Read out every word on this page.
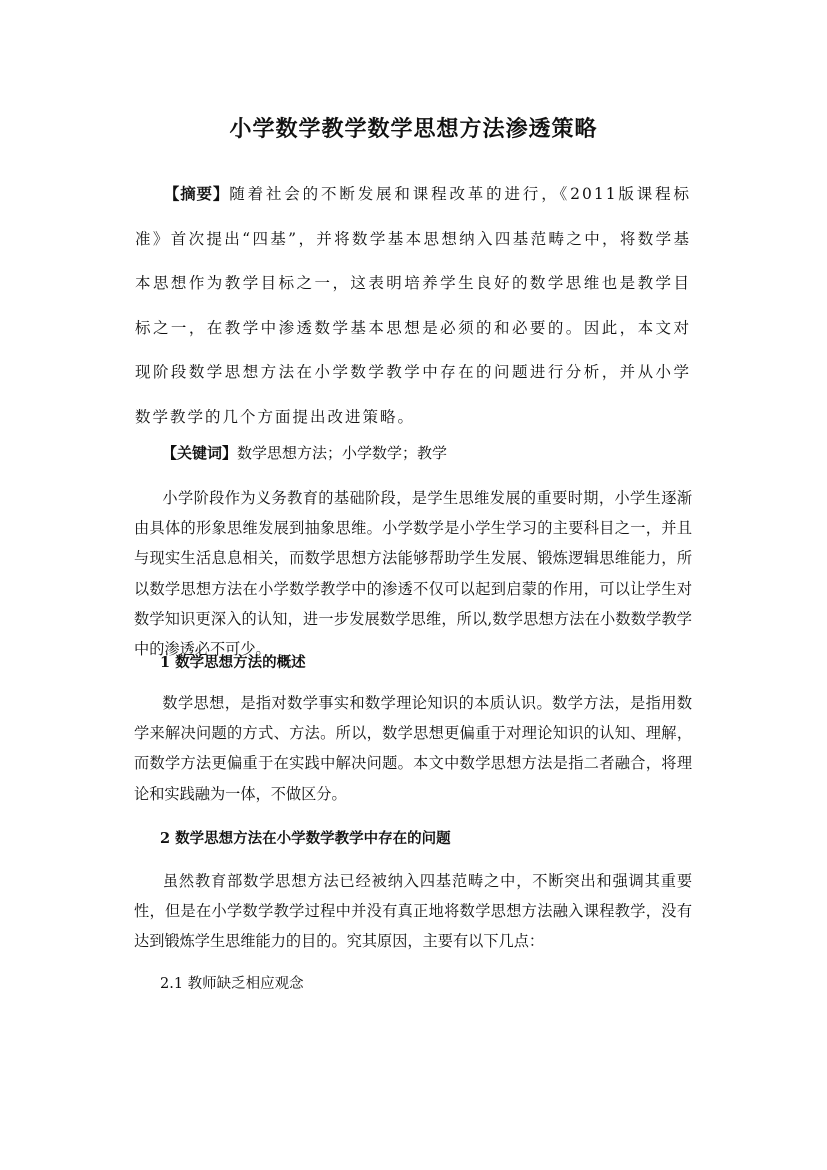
小学数学教学数学思想方法渗透策略
【摘要】随着社会的不断发展和课程改革的进行，《2011版课程标准》首次提出“四基”，并将数学基本思想纳入四基范畴之中，将数学基本思想作为教学目标之一，这表明培养学生良好的数学思维也是教学目标之一，在教学中渗透数学基本思想是必须的和必要的。因此，本文对现阶段数学思想方法在小学数学教学中存在的问题进行分析，并从小学数学教学的几个方面提出改进策略。
【关键词】数学思想方法；小学数学；教学
小学阶段作为义务教育的基础阶段，是学生思维发展的重要时期，小学生逐渐由具体的形象思维发展到抽象思维。小学数学是小学生学习的主要科目之一，并且与现实生活息息相关，而数学思想方法能够帮助学生发展、锻炼逻辑思维能力，所以数学思想方法在小学数学教学中的渗透不仅可以起到启蒙的作用，可以让学生对数学知识更深入的认知，进一步发展数学思维，所以,数学思想方法在小数数学教学中的渗透必不可少。
1 数学思想方法的概述
数学思想，是指对数学事实和数学理论知识的本质认识。数学方法，是指用数学来解决问题的方式、方法。所以，数学思想更偏重于对理论知识的认知、理解，而数学方法更偏重于在实践中解决问题。本文中数学思想方法是指二者融合，将理论和实践融为一体，不做区分。
2 数学思想方法在小学数学教学中存在的问题
虽然教育部数学思想方法已经被纳入四基范畴之中，不断突出和强调其重要性，但是在小学数学教学过程中并没有真正地将数学思想方法融入课程教学，没有达到锻炼学生思维能力的目的。究其原因，主要有以下几点：
2.1 教师缺乏相应观念
